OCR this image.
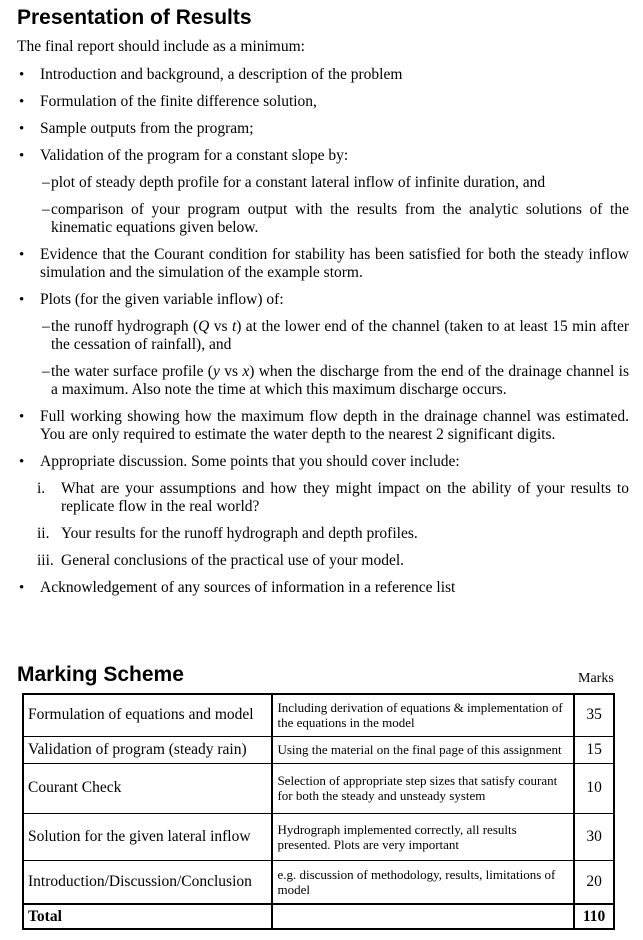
Presentation of Results
The final report should include as a minimum:
• Introduction and background, a description of the problem
• Formulation of the finite difference solution,
• Sample outputs from the program;
• Validation of the program for a constant slope by:
– plot of steady depth profile for a constant lateral inflow of infinite duration, and
– comparison of your program output with the results from the analytic solutions of the kinematic equations given below.
• Evidence that the Courant condition for stability has been satisfied for both the steady inflow simulation and the simulation of the example storm.
• Plots (for the given variable inflow) of:
– the runoff hydrograph (Q vs t) at the lower end of the channel (taken to at least 15 min after the cessation of rainfall), and
– the water surface profile (y vs x) when the discharge from the end of the drainage channel is a maximum. Also note the time at which this maximum discharge occurs.
• Full working showing how the maximum flow depth in the drainage channel was estimated. You are only required to estimate the water depth to the nearest 2 significant digits.
• Appropriate discussion. Some points that you should cover include:
i. What are your assumptions and how they might impact on the ability of your results to replicate flow in the real world?
ii. Your results for the runoff hydrograph and depth profiles.
iii. General conclusions of the practical use of your model.
• Acknowledgement of any sources of information in a reference list
Marking Scheme	Marks
Formulation of equations and model	Including derivation of equations & implementation of the equations in the model	35
Validation of program (steady rain)	Using the material on the final page of this assignment	15
Courant Check	Selection of appropriate step sizes that satisfy courant for both the steady and unsteady system	10
Solution for the given lateral inflow	Hydrograph implemented correctly, all results presented. Plots are very important	30
Introduction/Discussion/Conclusion	e.g. discussion of methodology, results, limitations of model	20
Total		110
